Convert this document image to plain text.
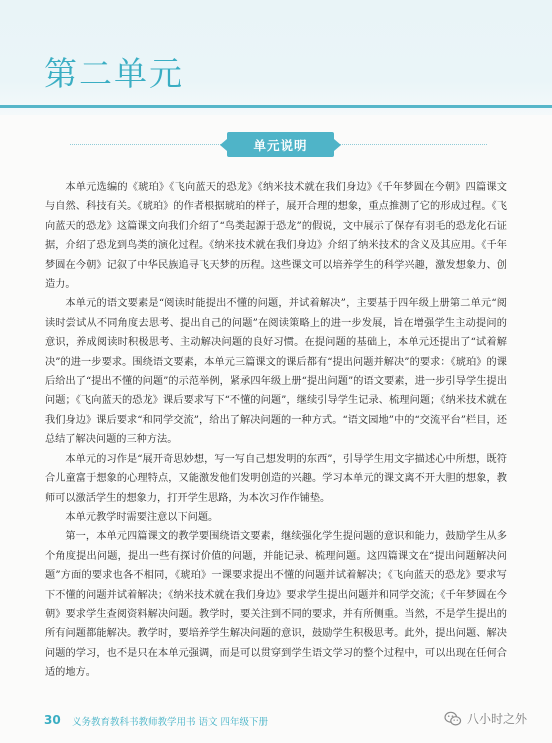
第二单元
单元说明

本单元选编的《琥珀》《飞向蓝天的恐龙》《纳米技术就在我们身边》《千年梦圆在今朝》四篇课文与自然、科技有关。《琥珀》的作者根据琥珀的样子，展开合理的想象，重点推测了它的形成过程。《飞向蓝天的恐龙》这篇课文向我们介绍了“鸟类起源于恐龙”的假说，文中展示了保存有羽毛的恐龙化石证据，介绍了恐龙到鸟类的演化过程。《纳米技术就在我们身边》介绍了纳米技术的含义及其应用。《千年梦圆在今朝》记叙了中华民族追寻飞天梦的历程。这些课文可以培养学生的科学兴趣，激发想象力、创造力。

本单元的语文要素是“阅读时能提出不懂的问题，并试着解决”，主要基于四年级上册第二单元“阅读时尝试从不同角度去思考、提出自己的问题”在阅读策略上的进一步发展，旨在增强学生主动提问的意识，养成阅读时积极思考、主动解决问题的良好习惯。在提问题的基础上，本单元还提出了“试着解决”的进一步要求。围绕语文要素，本单元三篇课文的课后都有“提出问题并解决”的要求：《琥珀》的课后给出了“提出不懂的问题”的示范举例，紧承四年级上册“提出问题”的语文要素，进一步引导学生提出问题；《飞向蓝天的恐龙》课后要求写下“不懂的问题”，继续引导学生记录、梳理问题；《纳米技术就在我们身边》课后要求“和同学交流”，给出了解决问题的一种方式。“语文园地”中的“交流平台”栏目，还总结了解决问题的三种方法。

本单元的习作是“展开奇思妙想，写一写自己想发明的东西”，引导学生用文字描述心中所想，既符合儿童富于想象的心理特点，又能激发他们发明创造的兴趣。学习本单元的课文离不开大胆的想象，教师可以激活学生的想象力，打开学生思路，为本次习作作铺垫。

本单元教学时需要注意以下问题。

第一，本单元四篇课文的教学要围绕语文要素，继续强化学生提问题的意识和能力，鼓励学生从多个角度提出问题，提出一些有探讨价值的问题，并能记录、梳理问题。这四篇课文在“提出问题解决问题”方面的要求也各不相同，《琥珀》一课要求提出不懂的问题并试着解决；《飞向蓝天的恐龙》要求写下不懂的问题并试着解决；《纳米技术就在我们身边》要求学生提出问题并和同学交流；《千年梦圆在今朝》要求学生查阅资料解决问题。教学时，要关注到不同的要求，并有所侧重。当然，不是学生提出的所有问题都能解决。教学时，要培养学生解决问题的意识，鼓励学生积极思考。此外，提出问题、解决问题的学习，也不是只在本单元强调，而是可以贯穿到学生语文学习的整个过程中，可以出现在任何合适的地方。

30 义务教育教科书教师教学用书 语文 四年级下册	八小时之外
